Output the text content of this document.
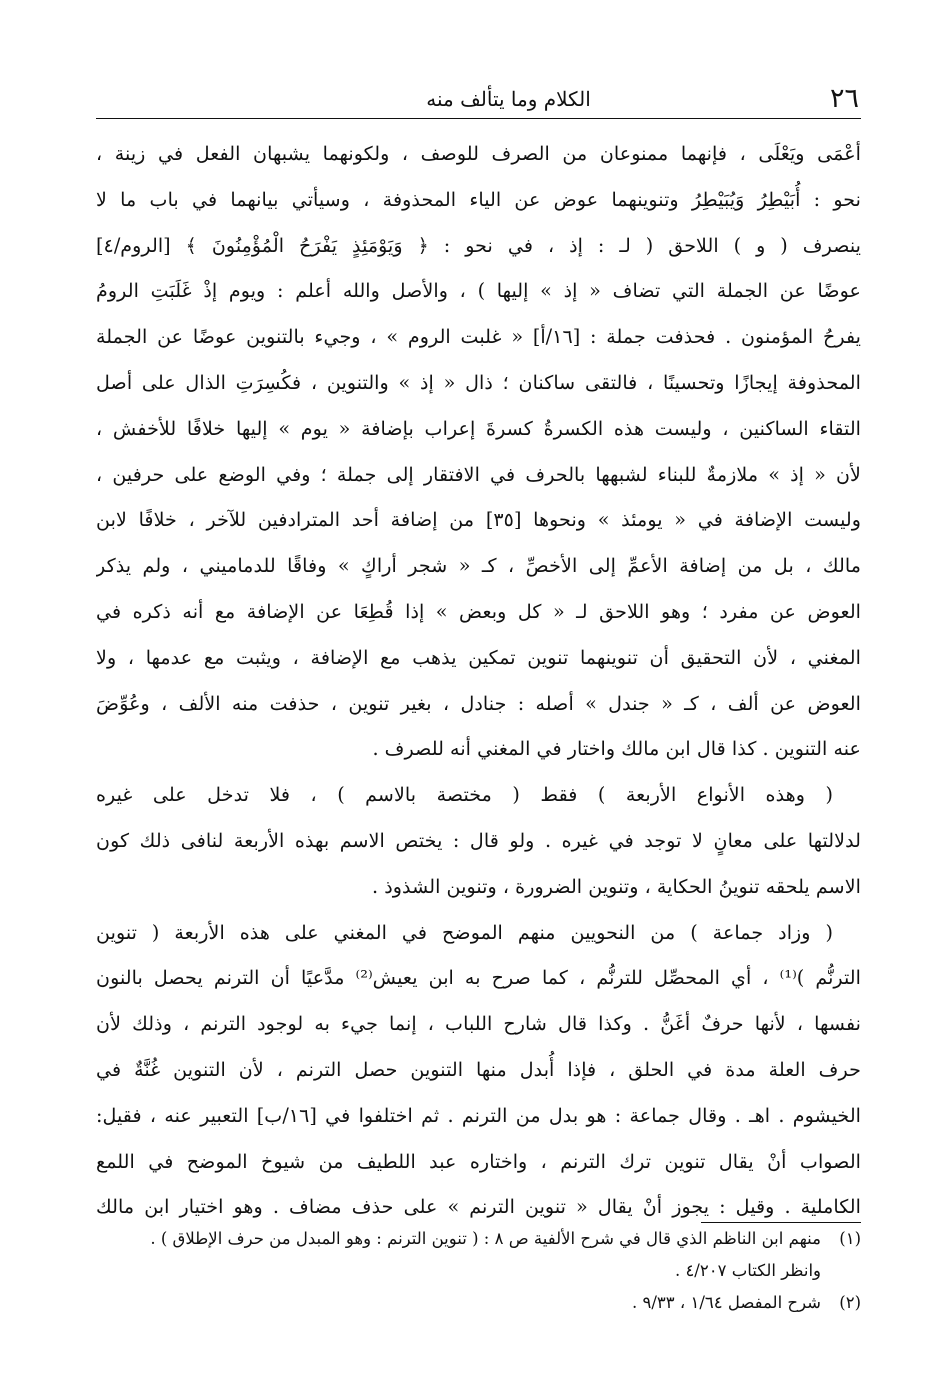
٢٦
الكلام وما يتألف منه
أعْمَى ويَعْلَى ، فإنهما ممنوعان من الصرف للوصف ، ولكونهما يشبهان الفعل في زينة ،
نحو : أُبَيْطِرُ وَيُبَيْطِرُ وتنوينهما عوض عن الياء المحذوفة ، وسيأتي بيانهما في باب ما لا
ينصرف ( و ) اللاحق ( لـ : إذ ، في نحو : ﴿ وَيَوْمَئِذٍ يَفْرَحُ الْمُؤْمِنُونَ ﴾ [الروم/٤]
عوضًا عن الجملة التي تضاف « إذ » إليها ) ، والأصل والله أعلم : ويوم إذْ غَلَبَتِ الرومُ
يفرحُ المؤمنون . فحذفت جملة : [١٦/أ] « غلبت الروم » ، وجيء بالتنوين عوضًا عن الجملة
المحذوفة إيجازًا وتحسينًا ، فالتقى ساكنان ؛ ذال « إذ » والتنوين ، فكُسِرَتِ الذال على أصل
التقاء الساكنين ، وليست هذه الكسرةُ كسرةَ إعراب بإضافة « يوم » إليها خلافًا للأخفش ،
لأن « إذ » ملازمةٌ للبناء لشبهها بالحرف في الافتقار إلى جملة ؛ وفي الوضع على حرفين ،
وليست الإضافة في « يومئذ » ونحوها [٣٥] من إضافة أحد المترادفين للآخر ، خلافًا لابن
مالك ، بل من إضافة الأعمِّ إلى الأخصِّ ، كـ « شجر أراكٍ » وفاقًا للدماميني ، ولم يذكر
العوض عن مفرد ؛ وهو اللاحق لـ « كل وبعض » إذا قُطِعَا عن الإضافة مع أنه ذكره في
المغني ، لأن التحقيق أن تنوينهما تنوين تمكين يذهب مع الإضافة ، ويثبت مع عدمها ، ولا
العوض عن ألف ، كـ « جندل » أصله : جنادل ، بغير تنوين ، حذفت منه الألف ، وعُوِّضَ
عنه التنوين . كذا قال ابن مالك واختار في المغني أنه للصرف .
( وهذه الأنواع الأربعة ) فقط ( مختصة بالاسم ) ، فلا تدخل على غيره
لدلالتها على معانٍ لا توجد في غيره . ولو قال : يختص الاسم بهذه الأربعة لنافى ذلك كون
الاسم يلحقه تنوينُ الحكاية ، وتنوين الضرورة ، وتنوين الشذوذ .
( وزاد جماعة ) من النحويين منهم الموضح في المغني على هذه الأربعة ( تنوين
الترنُّم )⁽¹⁾ ، أي المحصِّل للترنُّم ، كما صرح به ابن يعيش⁽²⁾ مدَّعيًا أن الترنم يحصل بالنون
نفسها ، لأنها حرفٌ أغَنُّ . وكذا قال شارح اللباب ، إنما جيء به لوجود الترنم ، وذلك لأن
حرف العلة مدة في الحلق ، فإذا أُبدل منها التنوين حصل الترنم ، لأن التنوين غُنَّةٌ في
الخيشوم . اهـ . وقال جماعة : هو بدل من الترنم . ثم اختلفوا في [١٦/ب] التعبير عنه ، فقيل:
الصواب أنْ يقال تنوين ترك الترنم ، واختاره عبد اللطيف من شيوخ الموضح في اللمع
الكاملية . وقيل : يجوز أنْ يقال « تنوين الترنم » على حذف مضاف . وهو اختيار ابن مالك
(١)منهم ابن الناظم الذي قال في شرح الألفية ص ٨ : ( تنوين الترنم : وهو المبدل من حرف الإطلاق ) .
وانظر الكتاب ٤/٢٠٧ .
(٢)شرح المفصل ١/٦٤ ، ٩/٣٣ .
